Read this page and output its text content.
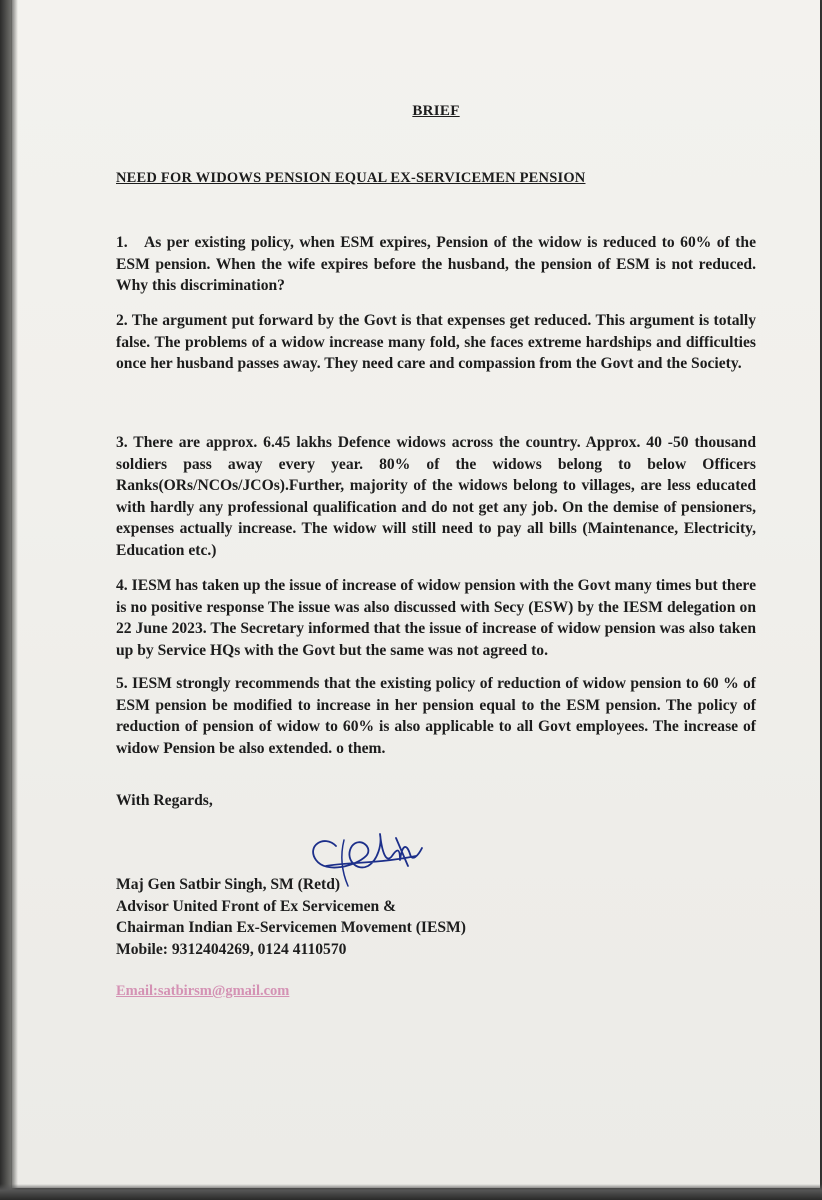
BRIEF
NEED FOR WIDOWS PENSION EQUAL EX-SERVICEMEN PENSION
1.   As per existing policy, when ESM expires, Pension of the widow is reduced to 60% of the ESM pension. When the wife expires before the husband, the pension of ESM is not reduced. Why this discrimination?
2. The argument put forward by the Govt is that expenses get reduced. This argument is totally false. The problems of a widow increase many fold, she faces extreme hardships and difficulties once her husband passes away. They need care and compassion from the Govt and the Society.
3. There are approx. 6.45 lakhs Defence widows across the country. Approx. 40 -50 thousand soldiers pass away every year. 80% of the widows belong to below Officers Ranks(ORs/NCOs/JCOs).Further, majority of the widows belong to villages, are less educated with hardly any professional qualification and do not get any job. On the demise of pensioners, expenses actually increase. The widow will still need to pay all bills (Maintenance, Electricity, Education etc.)
4. IESM has taken up the issue of increase of widow pension with the Govt many times but there is no positive response The issue was also discussed with Secy (ESW) by the IESM delegation on 22 June 2023. The Secretary informed that the issue of increase of widow pension was also taken up by Service HQs with the Govt but the same was not agreed to.
5. IESM strongly recommends that the existing policy of reduction of widow pension to 60 % of ESM pension be modified to increase in her pension equal to the ESM pension. The policy of reduction of pension of widow to 60% is also applicable to all Govt employees. The increase of widow Pension be also extended. o them.
With Regards,
Maj Gen Satbir Singh, SM (Retd)
Advisor United Front of Ex Servicemen &
Chairman Indian Ex-Servicemen Movement (IESM)
Mobile: 9312404269, 0124 4110570
Email:satbirsm@gmail.com
